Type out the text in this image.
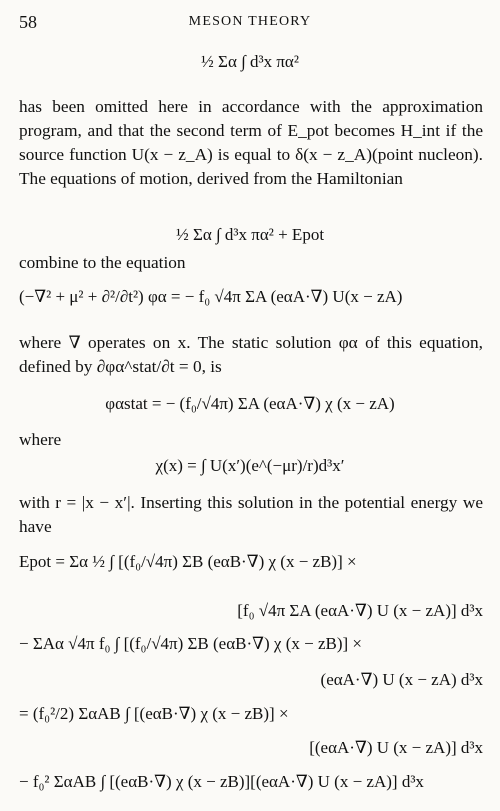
58	MESON THEORY
½ Σα ∫ d³x πα²
has been omitted here in accordance with the approximation program, and that the second term of E_pot becomes H_int if the source function U(x − z_A) is equal to δ(x − z_A)(point nucleon). The equations of motion, derived from the Hamiltonian
½ Σα ∫ d³x πα² + Epot
combine to the equation
(−∇² + μ² + ∂²/∂t²) φα = − f₀ √4π ΣA (eαA·∇) U(x − zA)
where ∇ operates on x. The static solution φα of this equation, defined by ∂φα^stat/∂t = 0, is
φαstat = − (f₀/√4π) ΣA (eαA·∇) χ (x − zA)
where
χ(x) = ∫ U(x′)(e^(−μr)/r)d³x′
with r = |x − x′|. Inserting this solution in the potential energy we have
Epot = Σα ½ ∫ [(f₀/√4π) ΣB (eαB·∇) χ (x − zB)] ×
[f₀ √4π ΣA (eαA·∇) U (x − zA)] d³x
− ΣAα √4π f₀ ∫ [(f₀/√4π) ΣB (eαB·∇) χ (x − zB)] ×
(eαA·∇) U (x − zA) d³x
= (f₀²/2) ΣαAB ∫ [(eαB·∇) χ (x − zB)] ×
[(eαA·∇) U (x − zA)] d³x
− f₀² ΣαAB ∫ [(eαB·∇) χ (x − zB)][(eαA·∇) U (x − zA)] d³x
